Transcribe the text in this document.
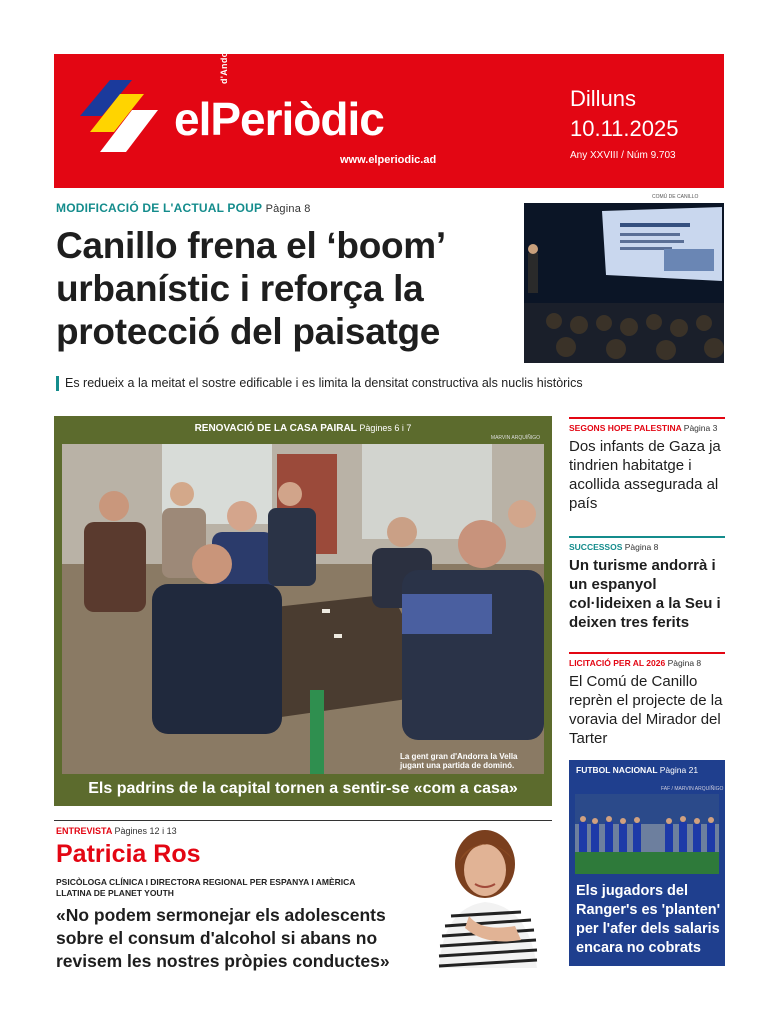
d'Andorra
elPeriòdic
www.elperiodic.ad
Dilluns
10.11.2025
Any XXVIII / Núm 9.703
MODIFICACIÓ DE L'ACTUAL POUP Pàgina 8
Canillo frena el ‘boom’ urbanístic i reforça la protecció del paisatge
COMÚ DE CANILLO
Es redueix a la meitat el sostre edificable i es limita la densitat constructiva als nuclis històrics
RENOVACIÓ DE LA CASA PAIRAL Pàgines 6 i 7
MARVIN ARQUÍÑIGO
La gent gran d'Andorra la Vella
jugant una partida de dominó.
Els padrins de la capital tornen a sentir-se «com a casa»
SEGONS HOPE PALESTINA Pàgina 3
Dos infants de Gaza ja tindrien habitatge i acollida assegurada al país
SUCCESSOS Pàgina 8
Un turisme andorrà i un espanyol col·lideixen a la Seu i deixen tres ferits
LICITACIÓ PER AL 2026 Pàgina 8
El Comú de Canillo reprèn el projecte de la voravia del Mirador del Tarter
FUTBOL NACIONAL Pàgina 21
FAF / MARVIN ARQUÍÑIGO
Els jugadors del Ranger's es 'planten' per l'afer dels salaris encara no cobrats
ENTREVISTA Pàgines 12 i 13
Patricia Ros
PSICÒLOGA CLÍNICA I DIRECTORA REGIONAL PER ESPANYA I AMÈRICA LLATINA DE PLANET YOUTH
«No podem sermonejar els adolescents sobre el consum d'alcohol si abans no revisem les nostres pròpies conductes»
